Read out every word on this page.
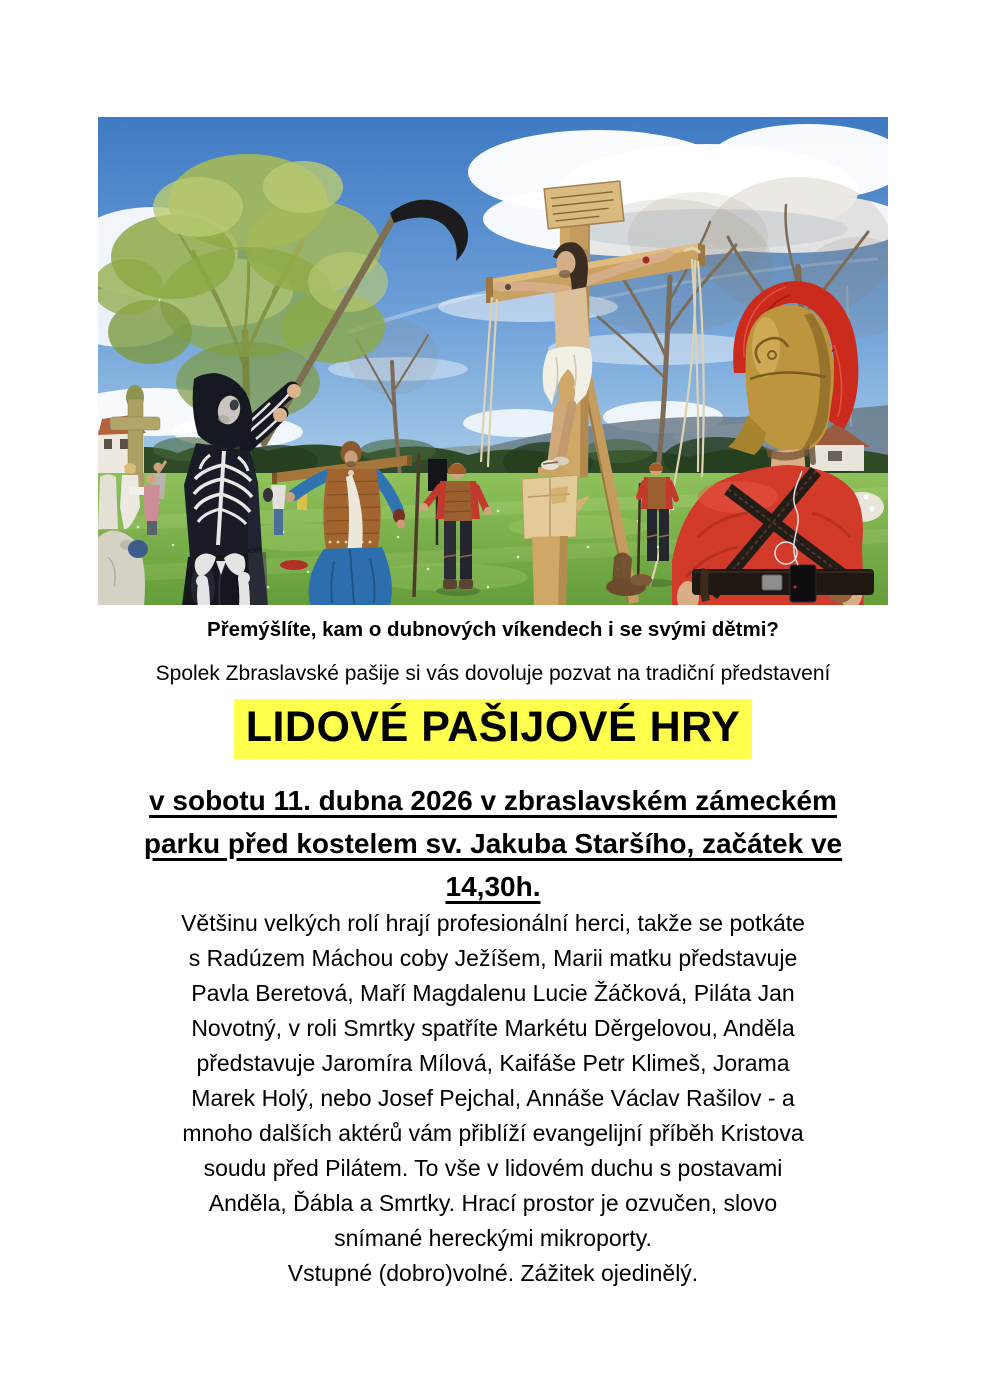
Přemýšlíte, kam o dubnových víkendech i se svými dětmi?
Spolek Zbraslavské pašije si vás dovoluje pozvat na tradiční představení
LIDOVÉ PAŠIJOVÉ HRY
v sobotu 11. dubna 2026 v zbraslavském zámeckém
parku před kostelem sv. Jakuba Staršího, začátek ve
14,30h.
Většinu velkých rolí hrají profesionální herci, takže se potkáte
s Radúzem Máchou coby Ježíšem, Marii matku představuje
Pavla Beretová, Maří Magdalenu Lucie Žáčková, Piláta Jan
Novotný, v roli Smrtky spatříte Markétu Děrgelovou, Anděla
představuje Jaromíra Mílová, Kaifáše Petr Klimeš, Jorama
Marek Holý, nebo Josef Pejchal, Annáše Václav Rašilov - a
mnoho dalších aktérů vám přiblíží evangelijní příběh Kristova
soudu před Pilátem. To vše v lidovém duchu s postavami
Anděla, Ďábla a Smrtky. Hrací prostor je ozvučen, slovo
snímané hereckými mikroporty.
Vstupné (dobro)volné. Zážitek ojedinělý.
